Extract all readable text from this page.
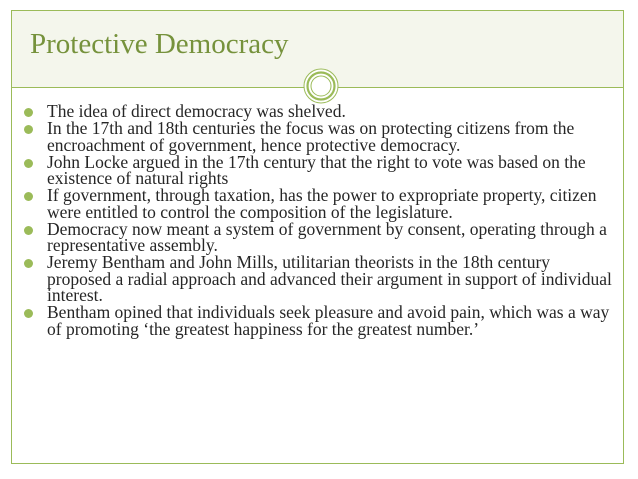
Protective Democracy
The idea of direct democracy was shelved.
In the 17th and 18th centuries the focus was on protecting citizens from the encroachment of government, hence protective democracy.
John Locke argued in the 17th century that the right to vote was based on the existence of natural rights
If government, through taxation, has the power to expropriate property, citizen were entitled to control the composition of the legislature.
Democracy now meant a system of government by consent, operating through a representative assembly.
Jeremy Bentham and John Mills, utilitarian theorists in the 18th century proposed a radial approach and advanced their argument in support of individual interest.
Bentham opined that individuals seek pleasure and avoid pain, which was a way of promoting ‘the greatest happiness for the greatest number.’
